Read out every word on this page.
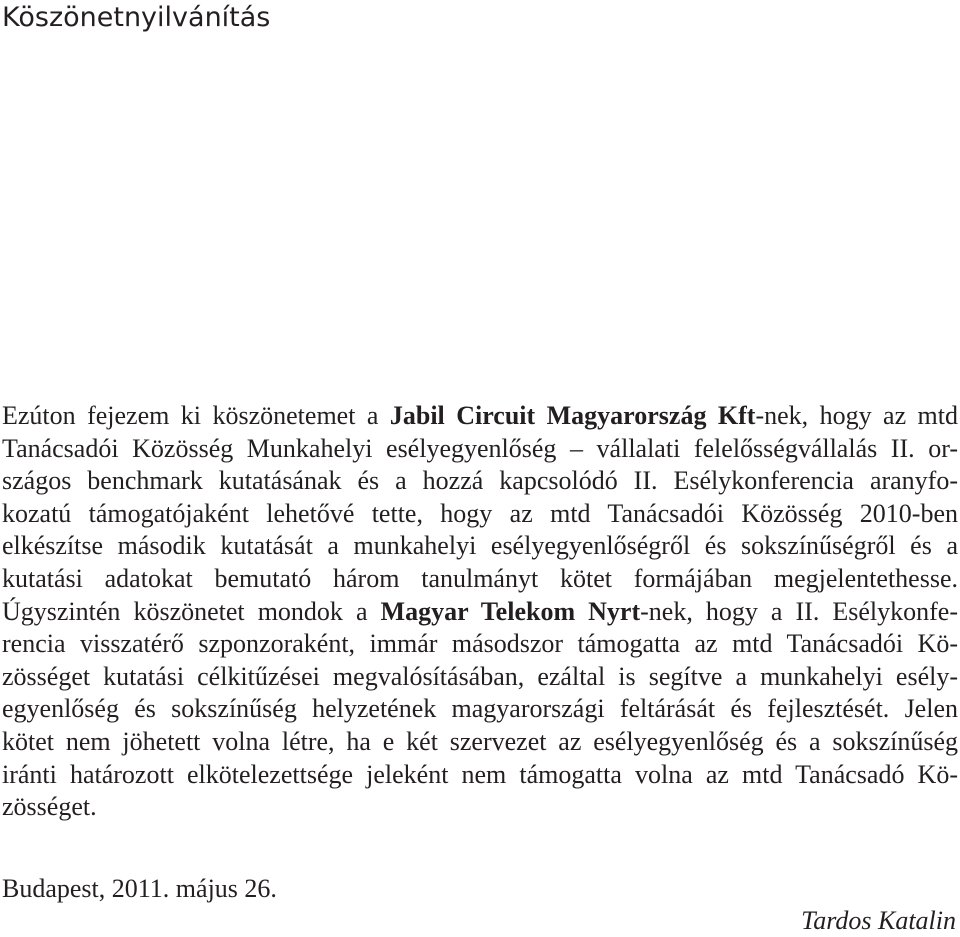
Köszönetnyilvánítás
Ezúton fejezem ki köszönetemet a Jabil Circuit Magyarország Kft-nek, hogy az mtd
Tanácsadói Közösség Munkahelyi esélyegyenlőség – vállalati felelősségvállalás II. or-
szágos benchmark kutatásának és a hozzá kapcsolódó II. Esélykonferencia aranyfo-
kozatú támogatójaként lehetővé tette, hogy az mtd Tanácsadói Közösség 2010-ben
elkészítse második kutatását a munkahelyi esélyegyenlőségről és sokszínűségről és a
kutatási adatokat bemutató három tanulmányt kötet formájában megjelentethesse.
Úgyszintén köszönetet mondok a Magyar Telekom Nyrt-nek, hogy a II. Esélykonfe-
rencia visszatérő szponzoraként, immár másodszor támogatta az mtd Tanácsadói Kö-
zösséget kutatási célkitűzései megvalósításában, ezáltal is segítve a munkahelyi esély-
egyenlőség és sokszínűség helyzetének magyarországi feltárását és fejlesztését. Jelen
kötet nem jöhetett volna létre, ha e két szervezet az esélyegyenlőség és a sokszínűség
iránti határozott elkötelezettsége jeleként nem támogatta volna az mtd Tanácsadó Kö-
zösséget.

Budapest, 2011. május 26.

Tardos Katalin
